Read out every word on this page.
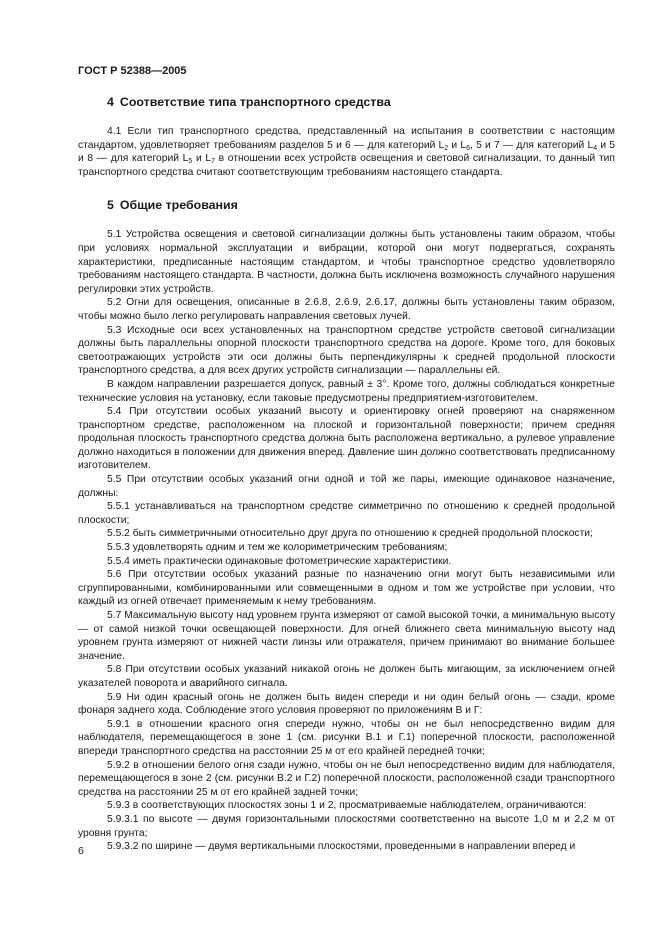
ГОСТ Р 52388—2005
4 Соответствие типа транспортного средства

4.1 Если тип транспортного средства, представленный на испытания в соответствии с настоящим стандартом, удовлетворяет требованиям разделов 5 и 6 — для категорий $L_2$ и $L_6$, 5 и 7 — для категорий $L_4$ и 5 и 8 — для категорий $L_5$ и $L_7$ в отношении всех устройств освещения и световой сигнализации, то данный тип транспортного средства считают соответствующим требованиям настоящего стандарта.

5 Общие требования

5.1 Устройства освещения и световой сигнализации должны быть установлены таким образом, чтобы при условиях нормальной эксплуатации и вибрации, которой они могут подвергаться, сохранять характеристики, предписанные настоящим стандартом, и чтобы транспортное средство удовлетворяло требованиям настоящего стандарта. В частности, должна быть исключена возможность случайного нарушения регулировки этих устройств.

5.2 Огни для освещения, описанные в 2.6.8, 2.6.9, 2.6.17, должны быть установлены таким образом, чтобы можно было легко регулировать направления световых лучей.

5.3 Исходные оси всех установленных на транспортном средстве устройств световой сигнализации должны быть параллельны опорной плоскости транспортного средства на дороге. Кроме того, для боковых светоотражающих устройств эти оси должны быть перпендикулярны к средней продольной плоскости транспортного средства, а для всех других устройств сигнализации — параллельны ей.

В каждом направлении разрешается допуск, равный ± 3°. Кроме того, должны соблюдаться конкретные технические условия на установку, если таковые предусмотрены предприятием-изготовителем.

5.4 При отсутствии особых указаний высоту и ориентировку огней проверяют на снаряженном транспортном средстве, расположенном на плоской и горизонтальной поверхности; причем средняя продольная плоскость транспортного средства должна быть расположена вертикально, а рулевое управление должно находиться в положении для движения вперед. Давление шин должно соответствовать предписанному изготовителем.

5.5 При отсутствии особых указаний огни одной и той же пары, имеющие одинаковое назначение, должны:

5.5.1 устанавливаться на транспортном средстве симметрично по отношению к средней продольной плоскости;

5.5.2 быть симметричными относительно друг друга по отношению к средней продольной плоскости;

5.5.3 удовлетворять одним и тем же колориметрическим требованиям;

5.5.4 иметь практически одинаковые фотометрические характеристики.

5.6 При отсутствии особых указаний разные по назначению огни могут быть независимыми или сгруппированными, комбинированными или совмещенными в одном и том же устройстве при условии, что каждый из огней отвечает применяемым к нему требованиям.

5.7 Максимальную высоту над уровнем грунта измеряют от самой высокой точки, а минимальную высоту — от самой низкой точки освещающей поверхности. Для огней ближнего света минимальную высоту над уровнем грунта измеряют от нижней части линзы или отражателя, причем принимают во внимание большее значение.

5.8 При отсутствии особых указаний никакой огонь не должен быть мигающим, за исключением огней указателей поворота и аварийного сигнала.

5.9 Ни один красный огонь не должен быть виден спереди и ни один белый огонь — сзади, кроме фонаря заднего хода. Соблюдение этого условия проверяют по приложениям В и Г:

5.9.1 в отношении красного огня спереди нужно, чтобы он не был непосредственно видим для наблюдателя, перемещающегося в зоне 1 (см. рисунки В.1 и Г.1) поперечной плоскости, расположенной впереди транспортного средства на расстоянии 25 м от его крайней передней точки;

5.9.2 в отношении белого огня сзади нужно, чтобы он не был непосредственно видим для наблюдателя, перемещающегося в зоне 2 (см. рисунки В.2 и Г.2) поперечной плоскости, расположенной сзади транспортного средства на расстоянии 25 м от его крайней задней точки;

5.9.3 в соответствующих плоскостях зоны 1 и 2, просматриваемые наблюдателем, ограничиваются:

5.9.3.1 по высоте — двумя горизонтальными плоскостями соответственно на высоте 1,0 м и 2,2 м от уровня грунта;

5.9.3.2 по ширине — двумя вертикальными плоскостями, проведенными в направлении вперед и

6
